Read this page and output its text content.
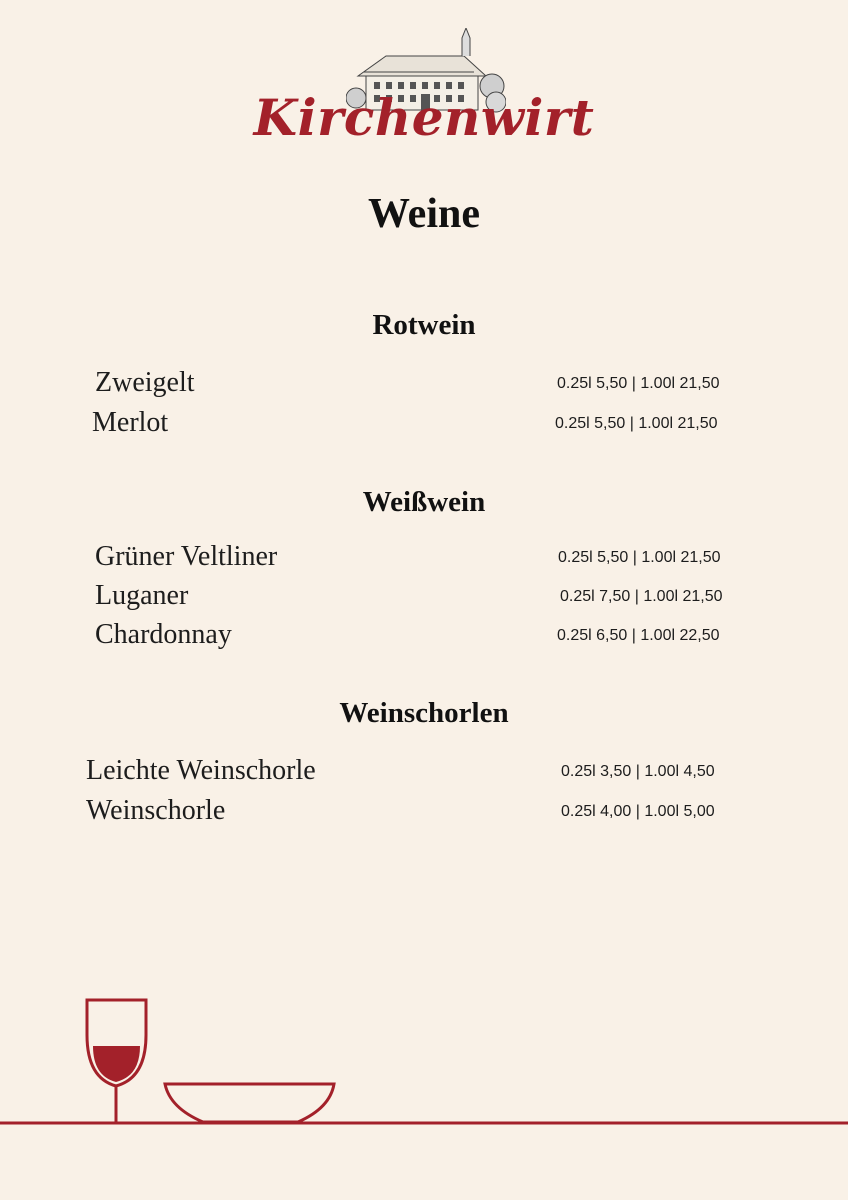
Kirchenwirt
Weine
Rotwein
Zweigelt	0.25l 5,50 | 1.00l 21,50
Merlot	0.25l 5,50 | 1.00l 21,50
Weißwein
Grüner Veltliner	0.25l 5,50 | 1.00l 21,50
Luganer	0.25l 7,50 | 1.00l 21,50
Chardonnay	0.25l 6,50 | 1.00l 22,50
Weinschorlen
Leichte Weinschorle	0.25l 3,50 | 1.00l 4,50
Weinschorle	0.25l 4,00 | 1.00l 5,00
